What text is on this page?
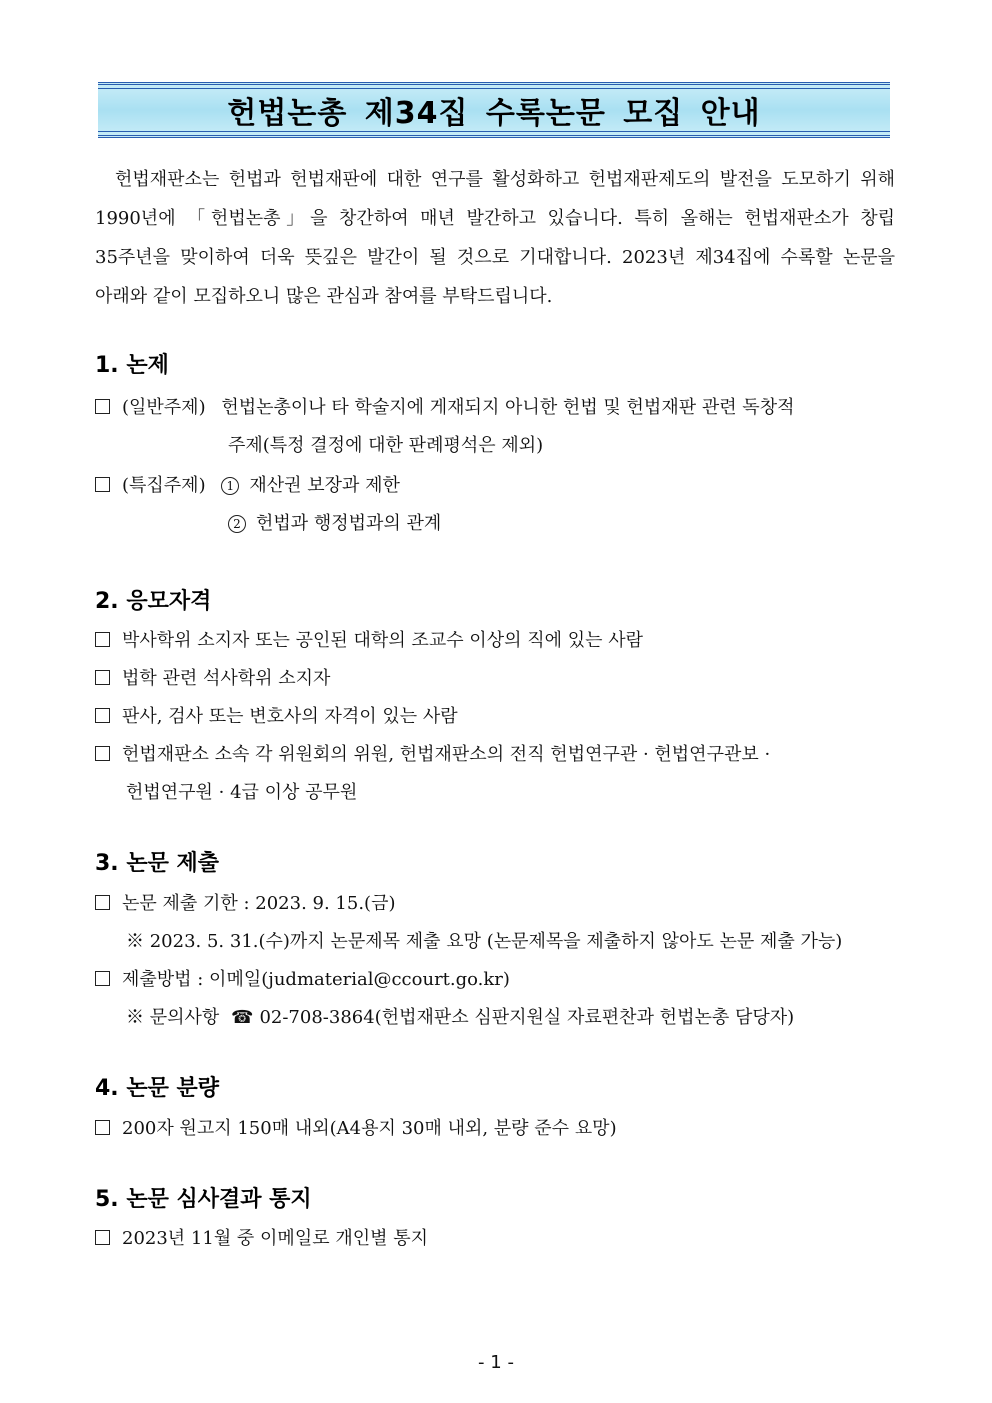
헌법논총 제34집 수록논문 모집 안내
헌법재판소는 헌법과 헌법재판에 대한 연구를 활성화하고 헌법재판제도의 발전을 도모하기 위해 1990년에 「헌법논총」을 창간하여 매년 발간하고 있습니다. 특히 올해는 헌법재판소가 창립 35주년을 맞이하여 더욱 뜻깊은 발간이 될 것으로 기대합니다. 2023년 제34집에 수록할 논문을 아래와 같이 모집하오니 많은 관심과 참여를 부탁드립니다.
1. 논제
(일반주제) 헌법논총이나 타 학술지에 게재되지 아니한 헌법 및 헌법재판 관련 독창적
주제(특정 결정에 대한 판례평석은 제외)
(특집주제) 1 재산권 보장과 제한
2 헌법과 행정법과의 관계
2. 응모자격
박사학위 소지자 또는 공인된 대학의 조교수 이상의 직에 있는 사람
법학 관련 석사학위 소지자
판사, 검사 또는 변호사의 자격이 있는 사람
헌법재판소 소속 각 위원회의 위원, 헌법재판소의 전직 헌법연구관 · 헌법연구관보 ·
헌법연구원 · 4급 이상 공무원
3. 논문 제출
논문 제출 기한 : 2023. 9. 15.(금)
※ 2023. 5. 31.(수)까지 논문제목 제출 요망 (논문제목을 제출하지 않아도 논문 제출 가능)
제출방법 : 이메일(judmaterial@ccourt.go.kr)
※ 문의사항 ☎ 02-708-3864(헌법재판소 심판지원실 자료편찬과 헌법논총 담당자)
4. 논문 분량
200자 원고지 150매 내외(A4용지 30매 내외, 분량 준수 요망)
5. 논문 심사결과 통지
2023년 11월 중 이메일로 개인별 통지
- 1 -
